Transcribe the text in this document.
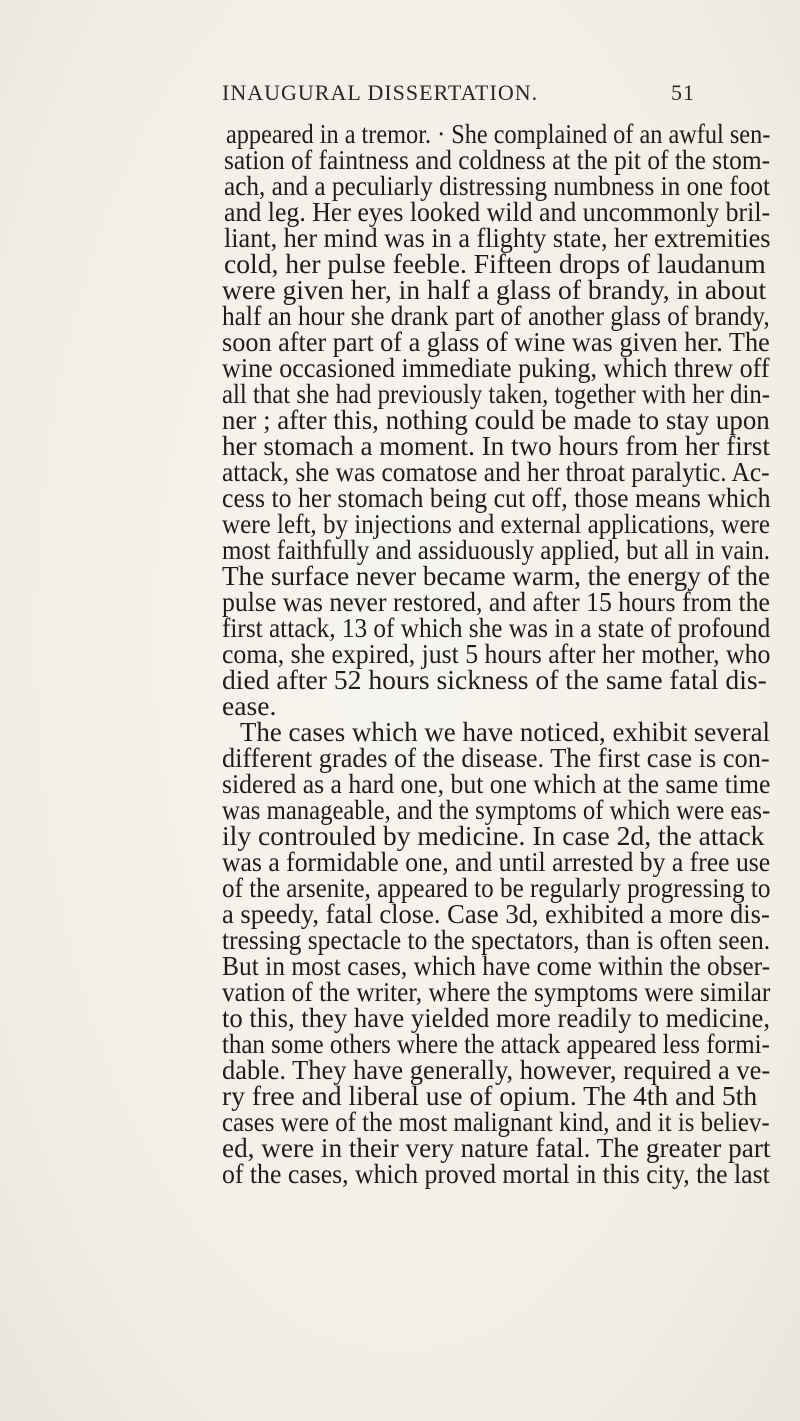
INAUGURAL DISSERTATION.	51
appeared in a tremor. · She complained of an awful sen-
sation of faintness and coldness at the pit of the stom-
ach, and a peculiarly distressing numbness in one foot
and leg. Her eyes looked wild and uncommonly bril-
liant, her mind was in a flighty state, her extremities
cold, her pulse feeble. Fifteen drops of laudanum
were given her, in half a glass of brandy, in about
half an hour she drank part of another glass of brandy,
soon after part of a glass of wine was given her. The
wine occasioned immediate puking, which threw off
all that she had previously taken, together with her din-
ner ; after this, nothing could be made to stay upon
her stomach a moment. In two hours from her first
attack, she was comatose and her throat paralytic. Ac-
cess to her stomach being cut off, those means which
were left, by injections and external applications, were
most faithfully and assiduously applied, but all in vain.
The surface never became warm, the energy of the
pulse was never restored, and after 15 hours from the
first attack, 13 of which she was in a state of profound
coma, she expired, just 5 hours after her mother, who
died after 52 hours sickness of the same fatal dis-
ease.
The cases which we have noticed, exhibit several
different grades of the disease. The first case is con-
sidered as a hard one, but one which at the same time
was manageable, and the symptoms of which were eas-
ily controuled by medicine. In case 2d, the attack
was a formidable one, and until arrested by a free use
of the arsenite, appeared to be regularly progressing to
a speedy, fatal close. Case 3d, exhibited a more dis-
tressing spectacle to the spectators, than is often seen.
But in most cases, which have come within the obser-
vation of the writer, where the symptoms were similar
to this, they have yielded more readily to medicine,
than some others where the attack appeared less formi-
dable. They have generally, however, required a ve-
ry free and liberal use of opium. The 4th and 5th
cases were of the most malignant kind, and it is believ-
ed, were in their very nature fatal. The greater part
of the cases, which proved mortal in this city, the last
